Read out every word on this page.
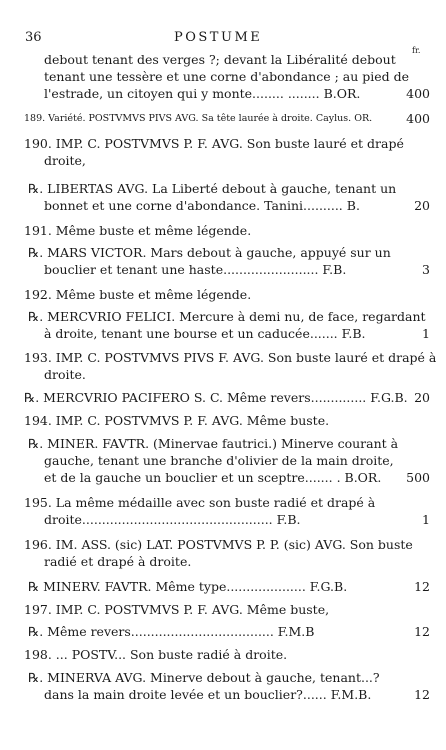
36	POSTUME
fr.
debout tenant des verges ?; devant la Libéralité debout
tenant une tessère et une corne d'abondance ; au pied de
l'estrade, un citoyen qui y monte........ ........ B.OR.	400
189. Variété. POSTVMVS PIVS AVG. Sa tête laurée à droite. Caylus. OR.	400
190. IMP. C. POSTVMVS P. F. AVG. Son buste lauré et drapé
droite,
℞. LIBERTAS AVG. La Liberté debout à gauche, tenant un
bonnet et une corne d'abondance. Tanini.......... B.	20
191. Même buste et même légende.
℞. MARS VICTOR. Mars debout à gauche, appuyé sur un
bouclier et tenant une haste........................ F.B.	3
192. Même buste et même légende.
℞. MERCVRIO FELICI. Mercure à demi nu, de face, regardant
à droite, tenant une bourse et un caducée....... F.B.	1
193. IMP. C. POSTVMVS PIVS F. AVG. Son buste lauré et drapé à
droite.
℞. MERCVRIO PACIFERO S. C. Même revers.............. F.G.B. 20
194. IMP. C. POSTVMVS P. F. AVG. Même buste.
℞. MINER. FAVTR. (Minervae fautrici.) Minerve courant à
gauche, tenant une branche d'olivier de la main droite,
et de la gauche un bouclier et un sceptre....... . B.OR. 500
195. La même médaille avec son buste radié et drapé à
droite................................................ F.B.	1
196. IM. ASS. (sic) LAT. POSTVMVS P. P. (sic) AVG. Son buste
radié et drapé à droite.
℞ MINERV. FAVTR. Même type.................... F.G.B.	12
197. IMP. C. POSTVMVS P. F. AVG. Même buste,
℞. Même revers.................................... F.M.B	12
198. ... POSTV... Son buste radié à droite.
℞. MINERVA AVG. Minerve debout à gauche, tenant...?
dans la main droite levée et un bouclier?...... F.M.B.	12
